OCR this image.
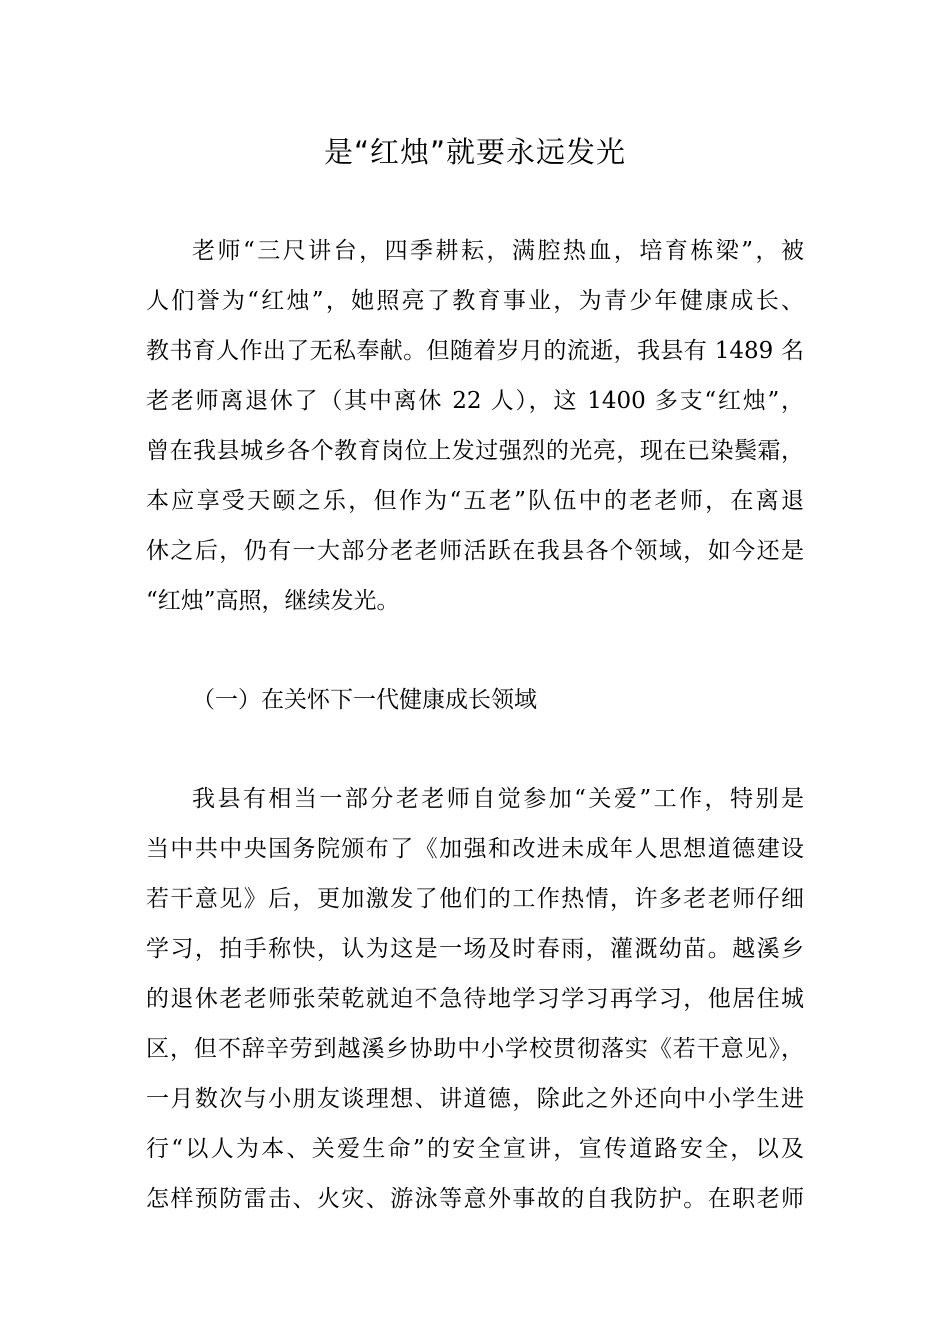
是“红烛”就要永远发光
老师“三尺讲台，四季耕耘，满腔热血，培育栋梁”，被
人们誉为“红烛”，她照亮了教育事业，为青少年健康成长、
教书育人作出了无私奉献。但随着岁月的流逝，我县有 1489 名
老老师离退休了（其中离休 22 人），这 1400 多支“红烛”，
曾在我县城乡各个教育岗位上发过强烈的光亮，现在已染鬓霜，
本应享受天颐之乐，但作为“五老”队伍中的老老师，在离退
休之后，仍有一大部分老老师活跃在我县各个领域，如今还是
“红烛”高照，继续发光。
（一）在关怀下一代健康成长领域
我县有相当一部分老老师自觉参加“关爱”工作，特别是
当中共中央国务院颁布了《加强和改进未成年人思想道德建设
若干意见》后，更加激发了他们的工作热情，许多老老师仔细
学习，拍手称快，认为这是一场及时春雨，灌溉幼苗。越溪乡
的退休老老师张荣乾就迫不急待地学习学习再学习，他居住城
区，但不辞辛劳到越溪乡协助中小学校贯彻落实《若干意见》，
一月数次与小朋友谈理想、讲道德，除此之外还向中小学生进
行“以人为本、关爱生命”的安全宣讲，宣传道路安全，以及
怎样预防雷击、火灾、游泳等意外事故的自我防护。在职老师
